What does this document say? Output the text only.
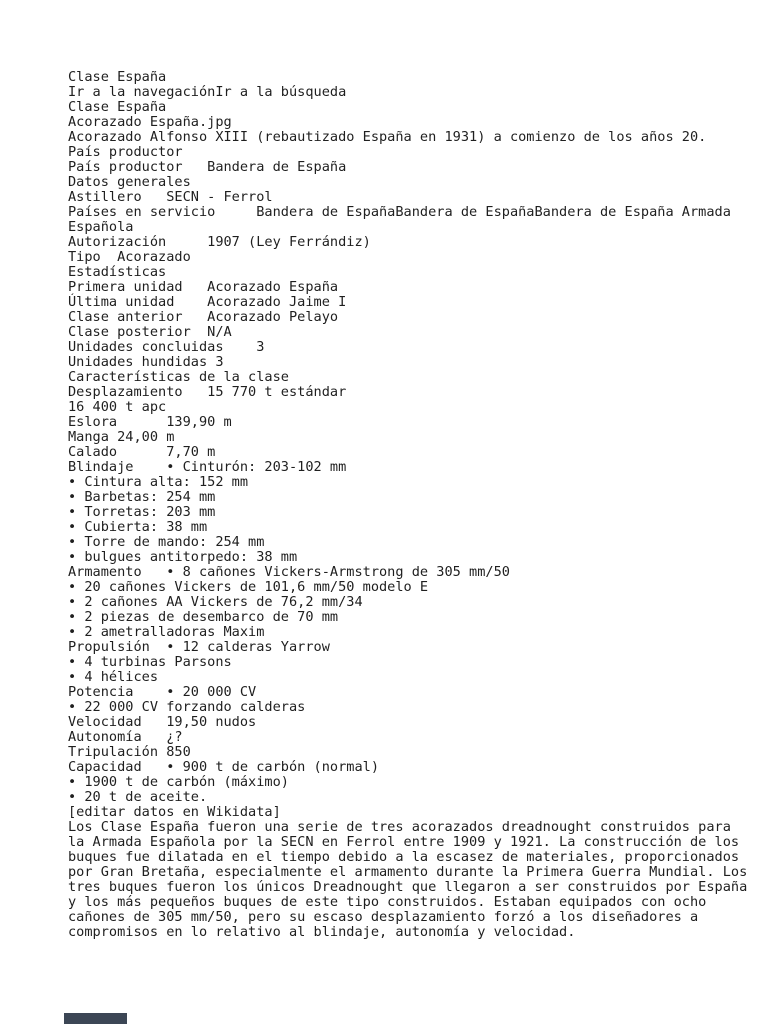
Clase España
Ir a la navegaciónIr a la búsqueda
Clase España
Acorazado España.jpg
Acorazado Alfonso XIII (rebautizado España en 1931) a comienzo de los años 20.
País productor
País productor   Bandera de España
Datos generales
Astillero   SECN - Ferrol
Países en servicio     Bandera de EspañaBandera de EspañaBandera de España Armada
Española
Autorización     1907 (Ley Ferrándiz)
Tipo  Acorazado
Estadísticas
Primera unidad   Acorazado España
Última unidad    Acorazado Jaime I
Clase anterior   Acorazado Pelayo
Clase posterior  N/A
Unidades concluidas    3
Unidades hundidas 3
Características de la clase
Desplazamiento   15 770 t estándar
16 400 t apc
Eslora      139,90 m
Manga 24,00 m
Calado      7,70 m
Blindaje    • Cinturón: 203-102 mm
• Cintura alta: 152 mm
• Barbetas: 254 mm
• Torretas: 203 mm
• Cubierta: 38 mm
• Torre de mando: 254 mm
• bulgues antitorpedo: 38 mm
Armamento   • 8 cañones Vickers-Armstrong de 305 mm/50
• 20 cañones Vickers de 101,6 mm/50 modelo E
• 2 cañones AA Vickers de 76,2 mm/34
• 2 piezas de desembarco de 70 mm
• 2 ametralladoras Maxim
Propulsión  • 12 calderas Yarrow
• 4 turbinas Parsons
• 4 hélices
Potencia    • 20 000 CV
• 22 000 CV forzando calderas
Velocidad   19,50 nudos
Autonomía   ¿?
Tripulación 850
Capacidad   • 900 t de carbón (normal)
• 1900 t de carbón (máximo)
• 20 t de aceite.
[editar datos en Wikidata]
Los Clase España fueron una serie de tres acorazados dreadnought construidos para
la Armada Española por la SECN en Ferrol entre 1909 y 1921. La construcción de los
buques fue dilatada en el tiempo debido a la escasez de materiales, proporcionados
por Gran Bretaña, especialmente el armamento durante la Primera Guerra Mundial. Los
tres buques fueron los únicos Dreadnought que llegaron a ser construidos por España
y los más pequeños buques de este tipo construidos. Estaban equipados con ocho
cañones de 305 mm/50, pero su escaso desplazamiento forzó a los diseñadores a
compromisos en lo relativo al blindaje, autonomía y velocidad.
